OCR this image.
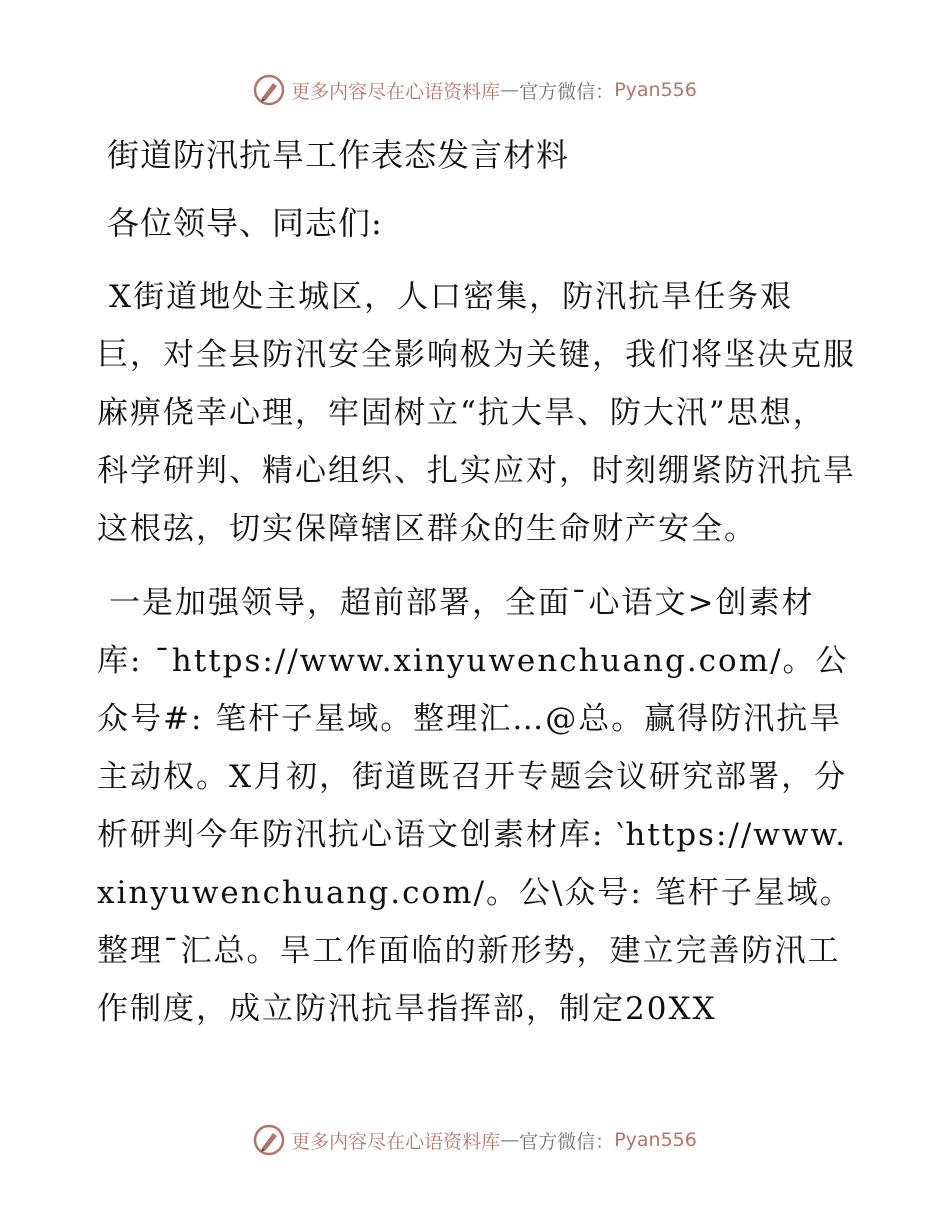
更多内容尽在心语资料库 — 官方微信： Pyan556
街道防汛抗旱工作表态发言材料
各位领导、同志们:
X街道地处主城区，人口密集，防汛抗旱任务艰巨，对全县防汛安全影响极为关键，我们将坚决克服麻痹侥幸心理，牢固树立“抗大旱、防大汛”思想，科学研判、精心组织、扎实应对，时刻绷紧防汛抗旱这根弦，切实保障辖区群众的生命财产安全。
一是加强领导，超前部署，全面¯心语文>创素材库: ¯https://www.xinyuwenchuang.com/。公众号#: 笔杆子星域。整理汇…@总。赢得防汛抗旱主动权。X月初，街道既召开专题会议研究部署，分析研判今年防汛抗心语文创素材库: ‵https://www.xinyuwenchuang.com/。公\众号: 笔杆子星域。整理¯汇总。旱工作面临的新形势，建立完善防汛工作制度，成立防汛抗旱指挥部，制定20XX
更多内容尽在心语资料库 — 官方微信： Pyan556
